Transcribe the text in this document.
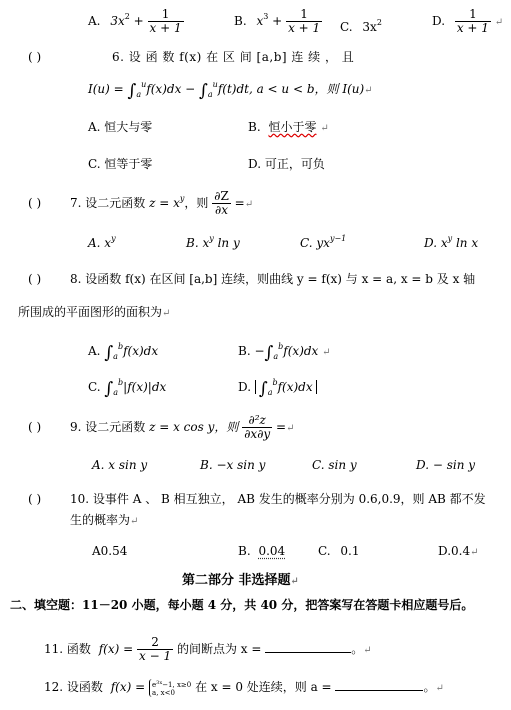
A. $3x^2 + \frac{1}{x + 1}$	B. $x^3 + \frac{1}{x + 1} C$. $3x^2$	D. $\frac{1}{x + 1}$ ↵
( )	6. 设 函 数 f(x) 在 区 间 [a,b] 连 续 ， 且
$I(u) = \int_a^uf(x)dx - \int_a^uf(t)dt$, a < u < b，则 I(u)↵
A. 恒大与零	B. 恒小于零 ↵
C. 恒等于零	D. 可正，可负
( ) 7. 设二元函数 $z = x^y$，则 $\frac{\partial Z}{\partial x}$ =↵
A. $x^y$	B. $x^y$ ln y	C. $yx^{y-1}$	D. $x^y$ ln x
( ) 8. 设函数 f(x) 在区间 [a,b] 连续，则曲线 y = f(x) 与 x = a, x = b 及 x 轴
所围成的平面图形的面积为↵
A. $\int_a^bf(x)dx$	B. $-\int_a^bf(x)dx$ ↵
C. $\int_a^b|f(x)|dx$	D. $\int_a^bf(x)dx$
( ) 9. 设二元函数 z = x cos y，则 $\frac{\text{∂²z}}{\partial x\partial y}$ =↵
A. x sin y	B. −x sin y	C. sin y	D. − sin y
( ) 10. 设事件 A 、 B 相互独立， AB 发生的概率分别为 0.6,0.9，则 AB 都不发
生的概率为↵
A0.54	B. 0.04	C. 0.1	D.0.4↵
第二部分 非选择题↵
二、填空题：11－20 小题，每小题 4 分，共 40 分，把答案写在答题卡相应题号后。
11. 函数 $f(x) = \frac{2}{x - 1}$ 的间断点为 x =	。↵
12. 设函数 $f(x) = e^{3x}-1$, x≥0
a, x<0	在 x = 0 处连续，则 a =	。↵
